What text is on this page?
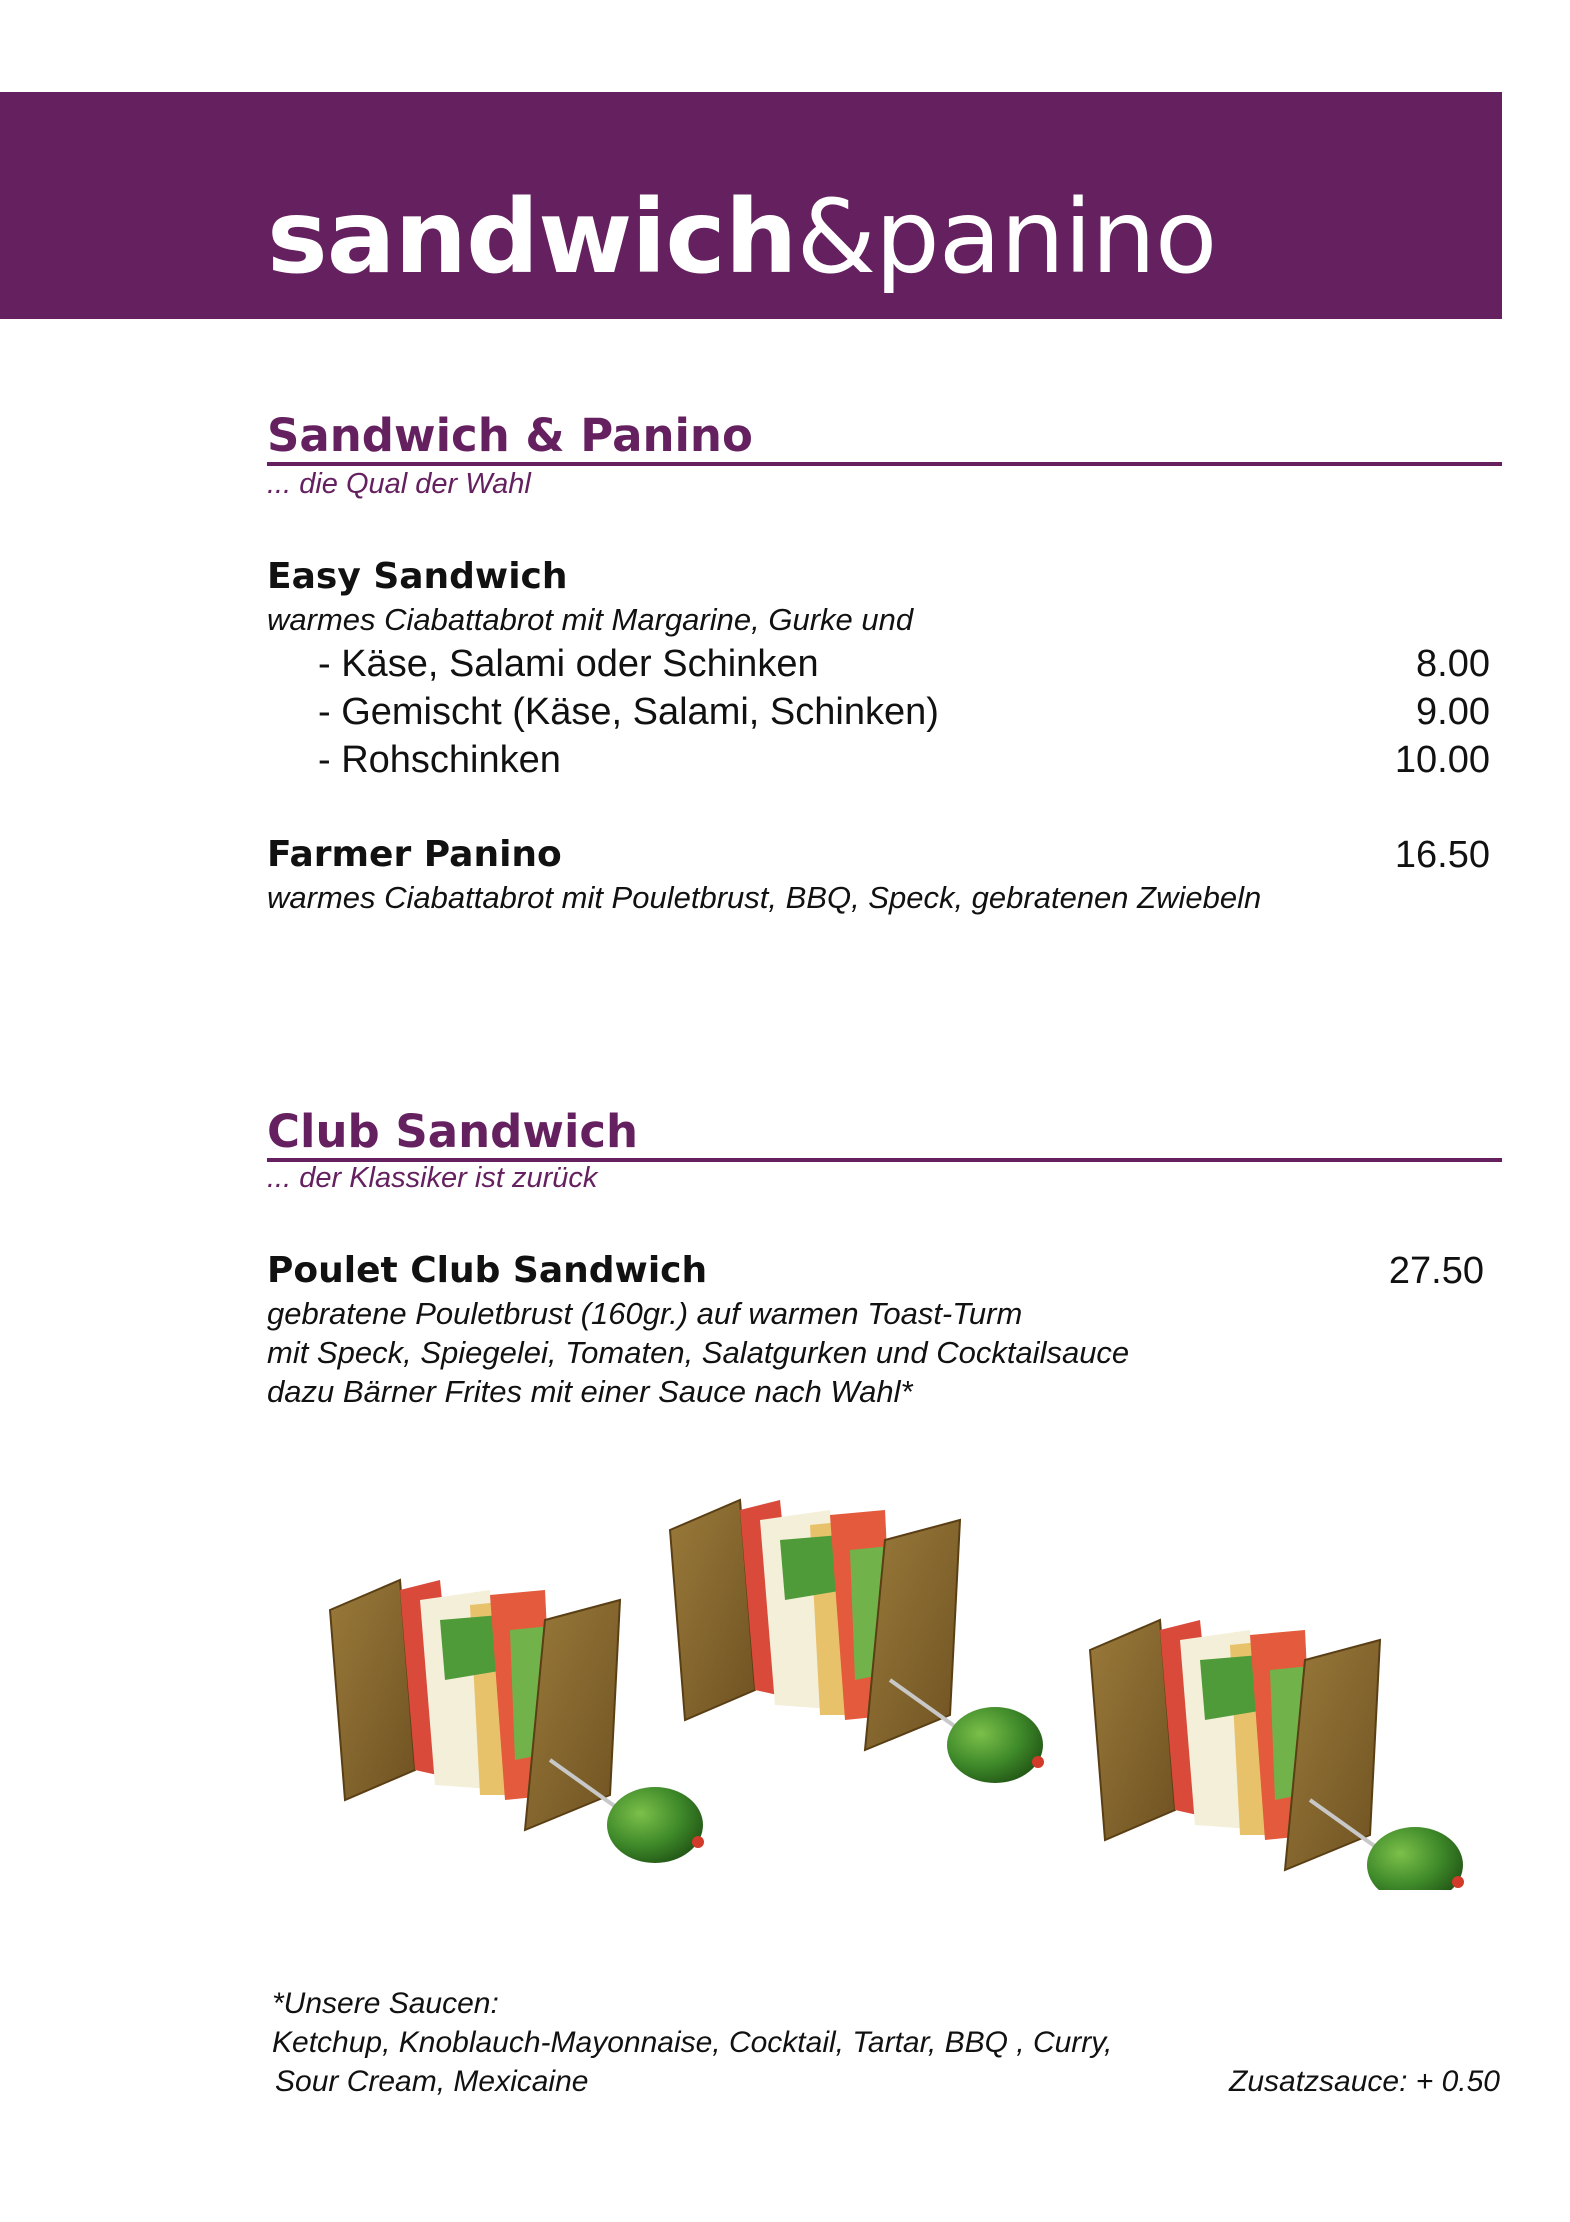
sandwich&panino
Sandwich & Panino
... die Qual der Wahl
Easy Sandwich
warmes Ciabattabrot mit Margarine, Gurke und
- Käse, Salami oder Schinken	8.00
- Gemischt (Käse, Salami, Schinken)	9.00
- Rohschinken	10.00
Farmer Panino	16.50
warmes Ciabattabrot mit Pouletbrust, BBQ, Speck, gebratenen Zwiebeln
Club Sandwich
... der Klassiker ist zurück
Poulet Club Sandwich	27.50
gebratene Pouletbrust (160gr.) auf warmen Toast-Turm
mit Speck, Spiegelei, Tomaten, Salatgurken und Cocktailsauce
dazu Bärner Frites mit einer Sauce nach Wahl*
*Unsere Saucen:
Ketchup, Knoblauch-Mayonnaise, Cocktail, Tartar, BBQ , Curry,
Sour Cream, Mexicaine	Zusatzsauce: + 0.50
